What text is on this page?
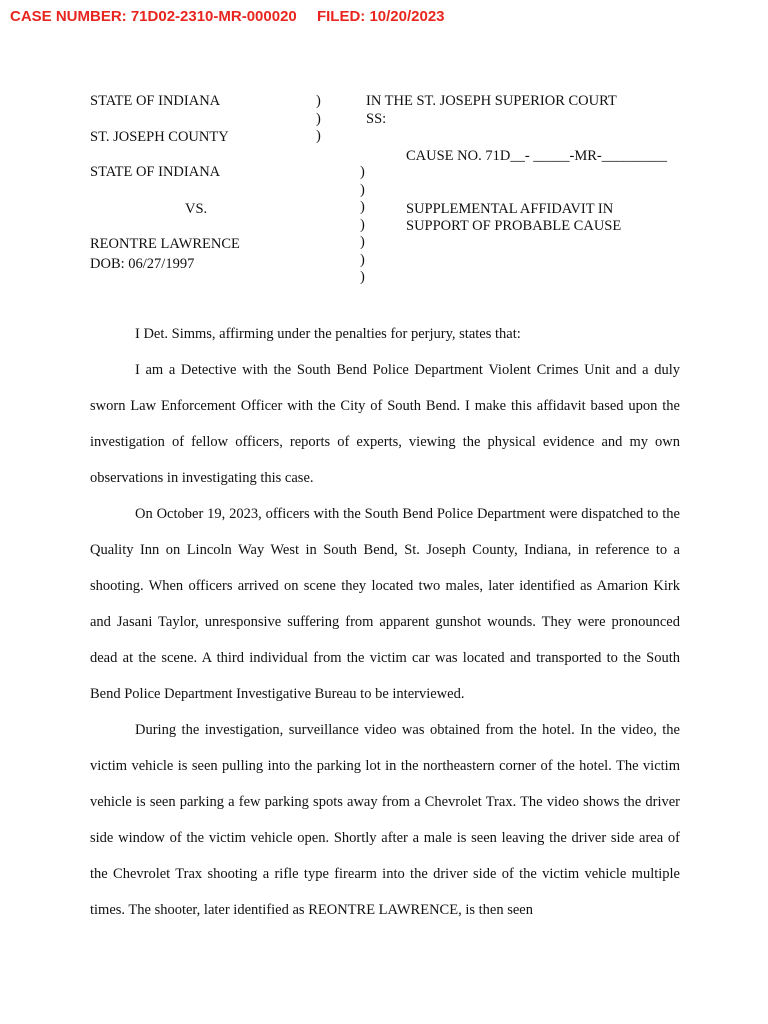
CASE NUMBER: 71D02-2310-MR-000020 FILED: 10/20/2023
STATE OF INDIANA
ST. JOSEPH COUNTY
)
)
)
IN THE ST. JOSEPH SUPERIOR COURT
SS:
CAUSE NO. 71D__- _____-MR-_________
STATE OF INDIANA
VS.
REONTRE LAWRENCE
DOB: 06/27/1997
)
)
)
)
)
)
)
SUPPLEMENTAL AFFIDAVIT IN
SUPPORT OF PROBABLE CAUSE

I Det. Simms, affirming under the penalties for perjury, states that:

I am a Detective with the South Bend Police Department Violent Crimes Unit and a duly sworn Law Enforcement Officer with the City of South Bend. I make this affidavit based upon the investigation of fellow officers, reports of experts, viewing the physical evidence and my own observations in investigating this case.

On October 19, 2023, officers with the South Bend Police Department were dispatched to the Quality Inn on Lincoln Way West in South Bend, St. Joseph County, Indiana, in reference to a shooting. When officers arrived on scene they located two males, later identified as Amarion Kirk and Jasani Taylor, unresponsive suffering from apparent gunshot wounds. They were pronounced dead at the scene. A third individual from the victim car was located and transported to the South Bend Police Department Investigative Bureau to be interviewed.

During the investigation, surveillance video was obtained from the hotel. In the video, the victim vehicle is seen pulling into the parking lot in the northeastern corner of the hotel. The victim vehicle is seen parking a few parking spots away from a Chevrolet Trax. The video shows the driver side window of the victim vehicle open. Shortly after a male is seen leaving the driver side area of the Chevrolet Trax shooting a rifle type firearm into the driver side of the victim vehicle multiple times. The shooter, later identified as REONTRE LAWRENCE, is then seen
